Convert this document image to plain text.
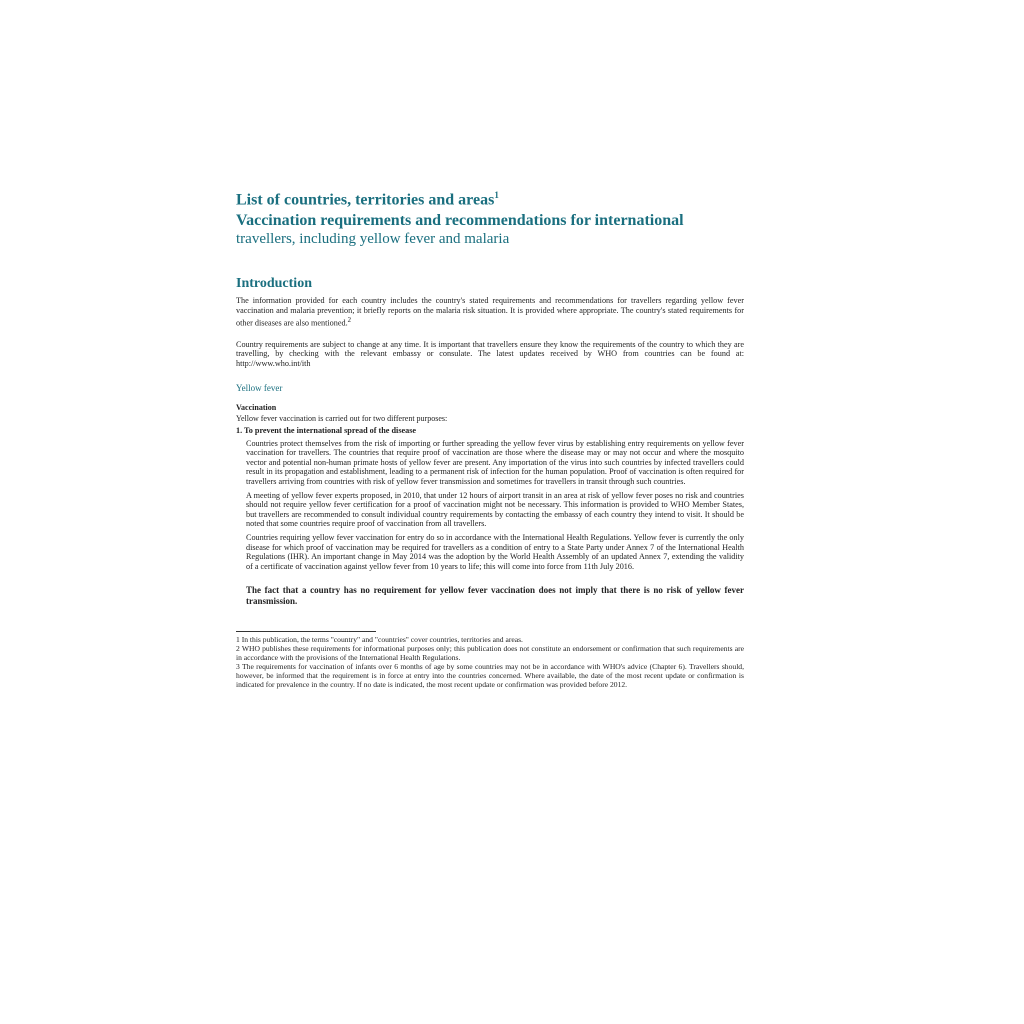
List of countries, territories and areas$^1$
Vaccination requirements and recommendations for international
travellers, including yellow fever and malaria
Introduction

The information provided for each country includes the country's stated requirements and recommendations for travellers regarding yellow fever vaccination and malaria prevention; it briefly reports on the malaria risk situation. It is provided where appropriate. The country's stated requirements for other diseases are also mentioned.$^2$

Country requirements are subject to change at any time. It is important that travellers ensure they know the requirements of the country to which they are travelling, by checking with the relevant embassy or consulate. The latest updates received by WHO from countries can be found at: http://www.who.int/ith

Yellow fever
Vaccination
Yellow fever vaccination is carried out for two different purposes:
1. To prevent the international spread of the disease

Countries protect themselves from the risk of importing or further spreading the yellow fever virus by establishing entry requirements on yellow fever vaccination for travellers. The countries that require proof of vaccination are those where the disease may or may not occur and where the mosquito vector and potential non-human primate hosts of yellow fever are present. Any importation of the virus into such countries by infected travellers could result in its propagation and establishment, leading to a permanent risk of infection for the human population. Proof of vaccination is often required for travellers arriving from countries with risk of yellow fever transmission and sometimes for travellers in transit through such countries.

A meeting of yellow fever experts proposed, in 2010, that under 12 hours of airport transit in an area at risk of yellow fever poses no risk and countries should not require yellow fever certification for a proof of vaccination might not be necessary. This information is provided to WHO Member States, but travellers are recommended to consult individual country requirements by contacting the embassy of each country they intend to visit. It should be noted that some countries require proof of vaccination from all travellers.

Countries requiring yellow fever vaccination for entry do so in accordance with the International Health Regulations. Yellow fever is currently the only disease for which proof of vaccination may be required for travellers as a condition of entry to a State Party under Annex 7 of the International Health Regulations (IHR). An important change in May 2014 was the adoption by the World Health Assembly of an updated Annex 7, extending the validity of a certificate of vaccination against yellow fever from 10 years to life; this will come into force from 11th July 2016.

The fact that a country has no requirement for yellow fever vaccination does not imply that there is no risk of yellow fever transmission.

1 In this publication, the terms "country" and "countries" cover countries, territories and areas.

2 WHO publishes these requirements for informational purposes only; this publication does not constitute an endorsement or confirmation that such requirements are in accordance with the provisions of the International Health Regulations.

3 The requirements for vaccination of infants over 6 months of age by some countries may not be in accordance with WHO's advice (Chapter 6). Travellers should, however, be informed that the requirement is in force at entry into the countries concerned. Where available, the date of the most recent update or confirmation is indicated for prevalence in the country. If no date is indicated, the most recent update or confirmation was provided before 2012.
